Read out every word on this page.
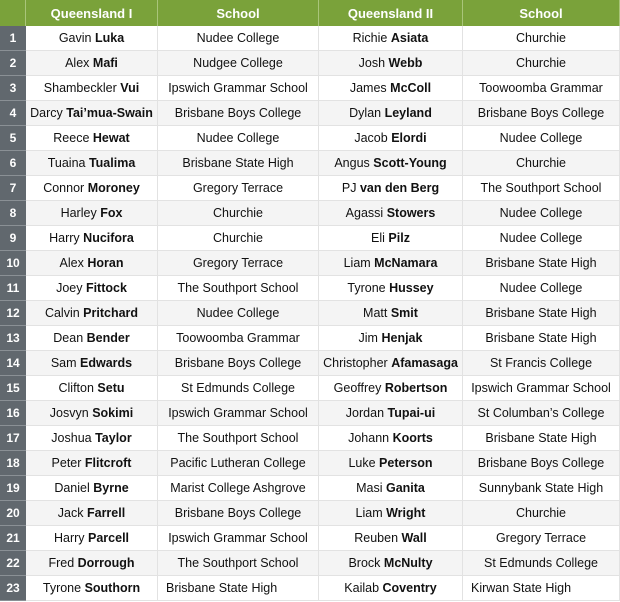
	Queensland I	School	Queensland II	School
1	Gavin Luka	Nudee College	Richie Asiata	Churchie
2	Alex Mafi	Nudgee College	Josh Webb	Churchie
3	Shambeckler Vui	Ipswich Grammar School	James McColl	Toowoomba Grammar
4	Darcy Tai’mua-Swain	Brisbane Boys College	Dylan Leyland	Brisbane Boys College
5	Reece Hewat	Nudee College	Jacob Elordi	Nudee College
6	Tuaina Tualima	Brisbane State High	Angus Scott-Young	Churchie
7	Connor Moroney	Gregory Terrace	PJ van den Berg	The Southport School
8	Harley Fox	Churchie	Agassi Stowers	Nudee College
9	Harry Nucifora	Churchie	Eli Pilz	Nudee College
10	Alex Horan	Gregory Terrace	Liam McNamara	Brisbane State High
11	Joey Fittock	The Southport School	Tyrone Hussey	Nudee College
12	Calvin Pritchard	Nudee College	Matt Smit	Brisbane State High
13	Dean Bender	Toowoomba Grammar	Jim Henjak	Brisbane State High
14	Sam Edwards	Brisbane Boys College	Christopher Afamasaga	St Francis College
15	Clifton Setu	St Edmunds College	Geoffrey Robertson	Ipswich Grammar School
16	Josvyn Sokimi	Ipswich Grammar School	Jordan Tupai-ui	St Columban’s College
17	Joshua Taylor	The Southport School	Johann Koorts	Brisbane State High
18	Peter Flitcroft	Pacific Lutheran College	Luke Peterson	Brisbane Boys College
19	Daniel Byrne	Marist College Ashgrove	Masi Ganita	Sunnybank State High
20	Jack Farrell	Brisbane Boys College	Liam Wright	Churchie
21	Harry Parcell	Ipswich Grammar School	Reuben Wall	Gregory Terrace
22	Fred Dorrough	The Southport School	Brock McNulty	St Edmunds College
23	Tyrone Southorn	Brisbane State High	Kailab Coventry	Kirwan State High
